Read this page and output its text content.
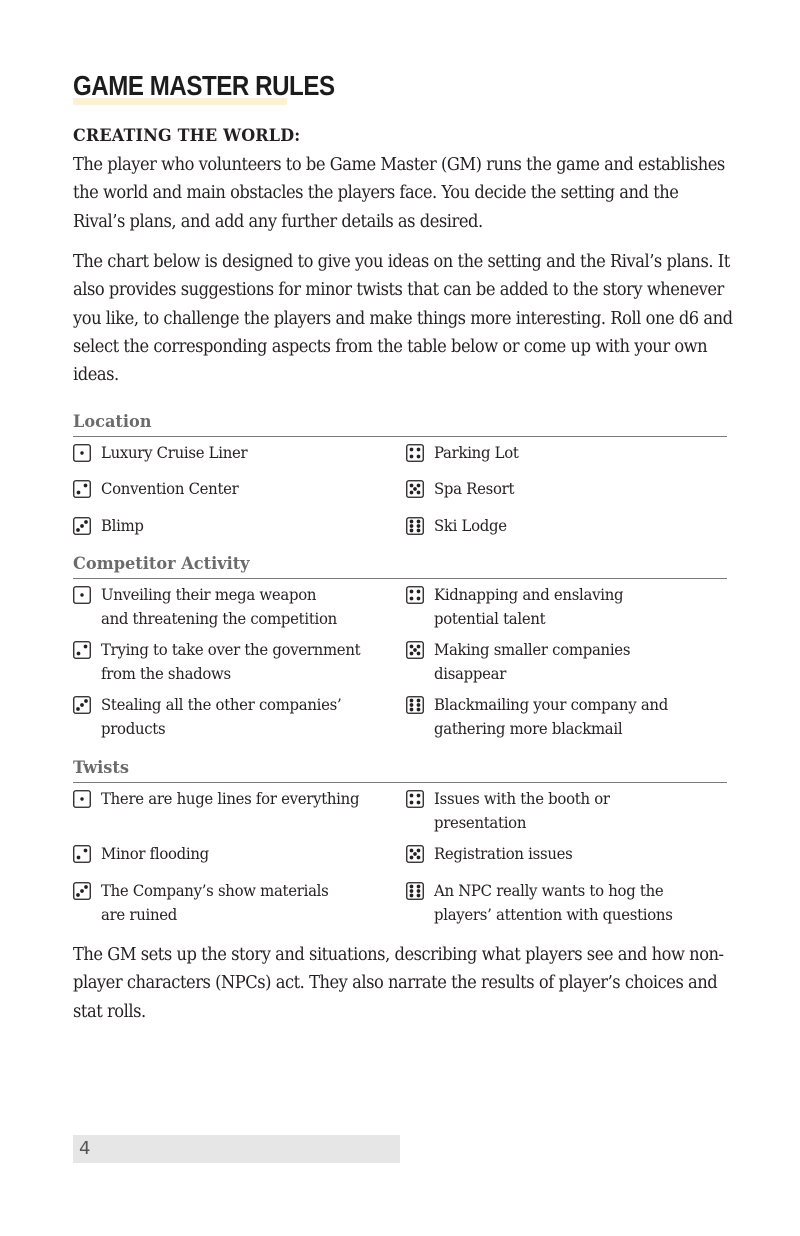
GAME MASTER RULES
CREATING THE WORLD:
The player who volunteers to be Game Master (GM) runs the game and establishes the world and main obstacles the players face. You decide the setting and the Rival’s plans, and add any further details as desired.
The chart below is designed to give you ideas on the setting and the Rival’s plans. It also provides suggestions for minor twists that can be added to the story whenever you like, to challenge the players and make things more interesting. Roll one d6 and select the corresponding aspects from the table below or come up with your own ideas.
Location
Luxury Cruise Liner
Convention Center
Blimp
Parking Lot
Spa Resort
Ski Lodge
Competitor Activity
Unveiling their mega weapon
and threatening the competition
Trying to take over the government
from the shadows
Stealing all the other companies’
products
Kidnapping and enslaving
potential talent
Making smaller companies
disappear
Blackmailing your company and
gathering more blackmail
Twists
There are huge lines for everything
Minor flooding
The Company’s show materials
are ruined
Issues with the booth or
presentation
Registration issues
An NPC really wants to hog the
players’ attention with questions
The GM sets up the story and situations, describing what players see and how non-player characters (NPCs) act. They also narrate the results of player’s choices and stat rolls.
4
